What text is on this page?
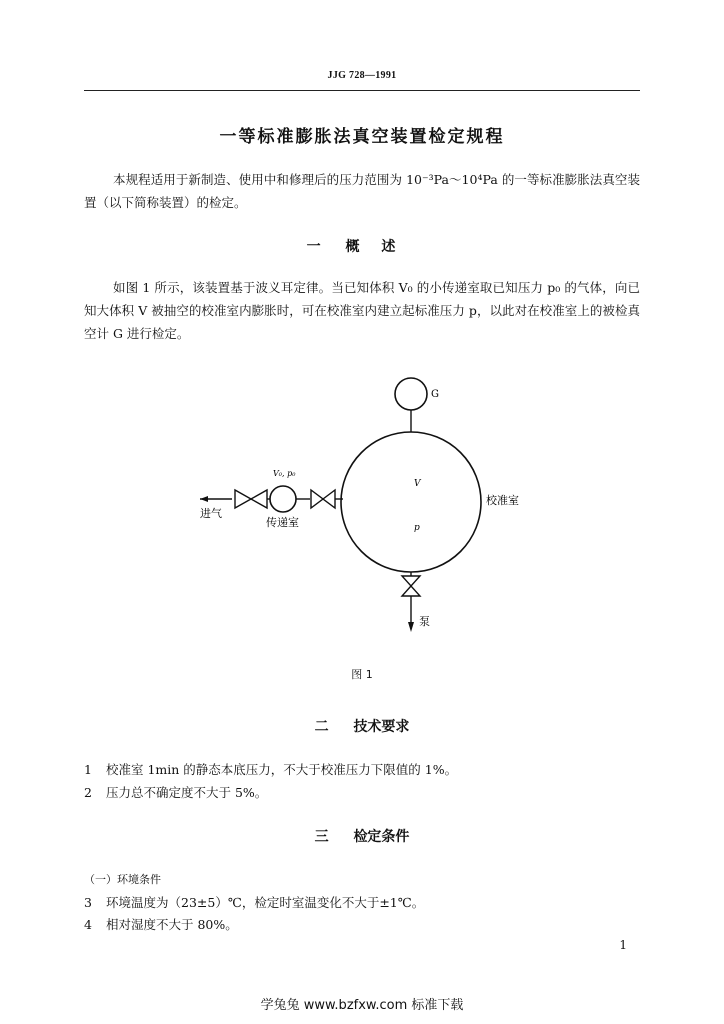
JJG 728—1991
一等标准膨胀法真空装置检定规程
本规程适用于新制造、使用中和修理后的压力范围为 10⁻³Pa～10⁴Pa 的一等标准膨胀法真空装置（以下简称装置）的检定。
一 概述
如图 1 所示，该装置基于波义耳定律。当已知体积 V₀ 的小传递室取已知压力 p₀ 的气体，向已知大体积 V 被抽空的校准室内膨胀时，可在校准室内建立起标准压力 p，以此对在校准室上的被检真空计 G 进行检定。
G
V
p
校准室
进气
V₀, p₀
传递室
泵
图 1
二 技术要求
1 校准室 1min 的静态本底压力，不大于校准压力下限值的 1%。
2 压力总不确定度不大于 5%。
三 检定条件
（一）环境条件
3 环境温度为（23±5）℃，检定时室温变化不大于±1℃。
4 相对湿度不大于 80%。
1
学兔兔 www.bzfxw.com 标准下载
